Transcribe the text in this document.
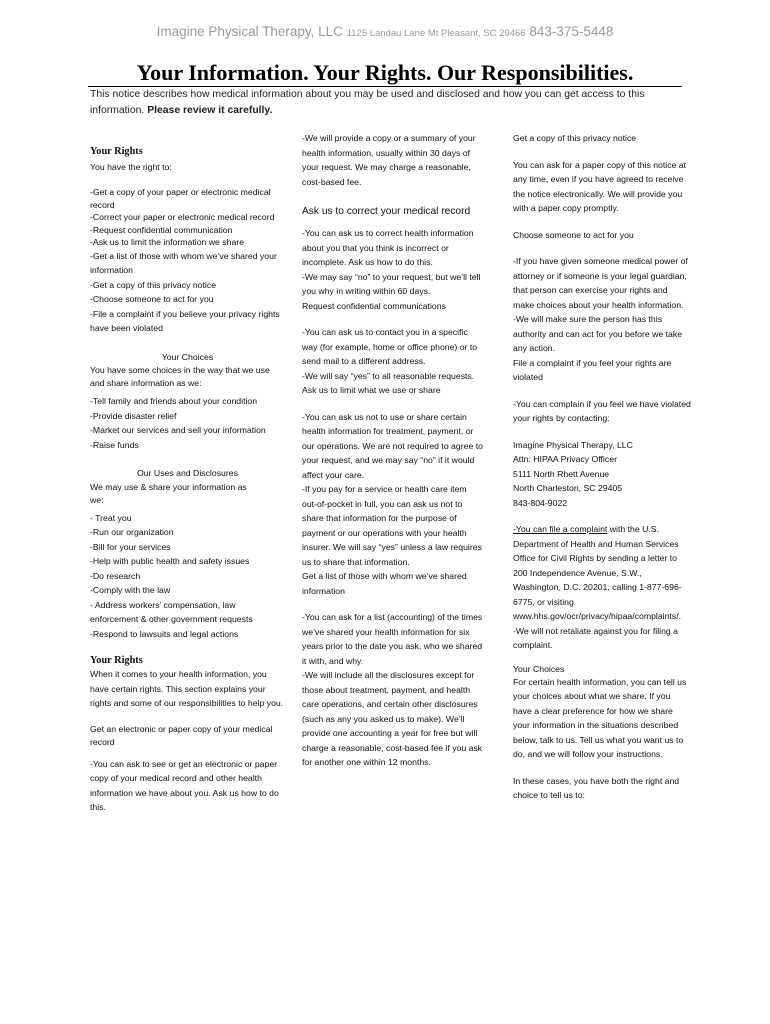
Imagine Physical Therapy, LLC 1125 Landau Lane Mt Pleasant, SC 29466 843-375-5448
Your Information. Your Rights. Our Responsibilities.
This notice describes how medical information about you may be used and disclosed and how you can get access to this information. Please review it carefully.

Your Rights

You have the right to:

-Get a copy of your paper or electronic medical record

-Correct your paper or electronic medical record

-Request confidential communication

-Ask us to limit the information we share

-Get a list of those with whom we’ve shared your information

-Get a copy of this privacy notice

-Choose someone to act for you

-File a complaint if you believe your privacy rights have been violated

Your Choices

You have some choices in the way that we use and share information as we:

-Tell family and friends about your condition

-Provide disaster relief

-Market our services and sell your information

-Raise funds

Our Uses and Disclosures

We may use & share your information as we:

- Treat you

-Run our organization

-Bill for your services

-Help with public health and safety issues

-Do research

-Comply with the law

- Address workers’ compensation, law enforcement & other government requests

-Respond to lawsuits and legal actions

Your Rights

When it comes to your health information, you have certain rights. This section explains your rights and some of our responsibilities to help you.

Get an electronic or paper copy of your medical record

-You can ask to see or get an electronic or paper copy of your medical record and other health information we have about you. Ask us how to do this.

-We will provide a copy or a summary of your health information, usually within 30 days of your request. We may charge a reasonable, cost-based fee.

Ask us to correct your medical record

-You can ask us to correct health information about you that you think is incorrect or incomplete. Ask us how to do this.

-We may say “no” to your request, but we’ll tell you why in writing within 60 days.

Request confidential communications

-You can ask us to contact you in a specific way (for example, home or office phone) or to send mail to a different address.

-We will say “yes” to all reasonable requests.

Ask us to limit what we use or share

-You can ask us not to use or share certain health information for treatment, payment, or our operations. We are not required to agree to your request, and we may say “no” if it would affect your care.

-If you pay for a service or health care item out-of-pocket in full, you can ask us not to share that information for the purpose of payment or our operations with your health insurer. We will say “yes” unless a law requires us to share that information.

Get a list of those with whom we’ve shared information

-You can ask for a list (accounting) of the times we’ve shared your health information for six years prior to the date you ask, who we shared it with, and why.

-We will include all the disclosures except for those about treatment, payment, and health care operations, and certain other disclosures (such as any you asked us to make). We’ll provide one accounting a year for free but will charge a reasonable, cost-based fee if you ask for another one within 12 months.

Get a copy of this privacy notice

You can ask for a paper copy of this notice at any time, even if you have agreed to receive the notice electronically. We will provide you with a paper copy promptly.

Choose someone to act for you

-If you have given someone medical power of attorney or if someone is your legal guardian, that person can exercise your rights and make choices about your health information.

-We will make sure the person has this authority and can act for you before we take any action.

File a complaint if you feel your rights are violated

-You can complain if you feel we have violated your rights by contacting:

Imagine Physical Therapy, LLC

Attn: HIPAA Privacy Officer

5111 North Rhett Avenue

North Charleston, SC 29405

843-804-9022

-You can file a complaint with the U.S. Department of Health and Human Services Office for Civil Rights by sending a letter to 200 Independence Avenue, S.W., Washington, D.C. 20201, calling 1-877-696-6775, or visiting www.hhs.gov/ocr/privacy/hipaa/complaints/.

-We will not retaliate against you for filing a complaint.

Your Choices

For certain health information, you can tell us your choices about what we share. If you have a clear preference for how we share your information in the situations described below, talk to us. Tell us what you want us to do, and we will follow your instructions.

In these cases, you have both the right and choice to tell us to:
